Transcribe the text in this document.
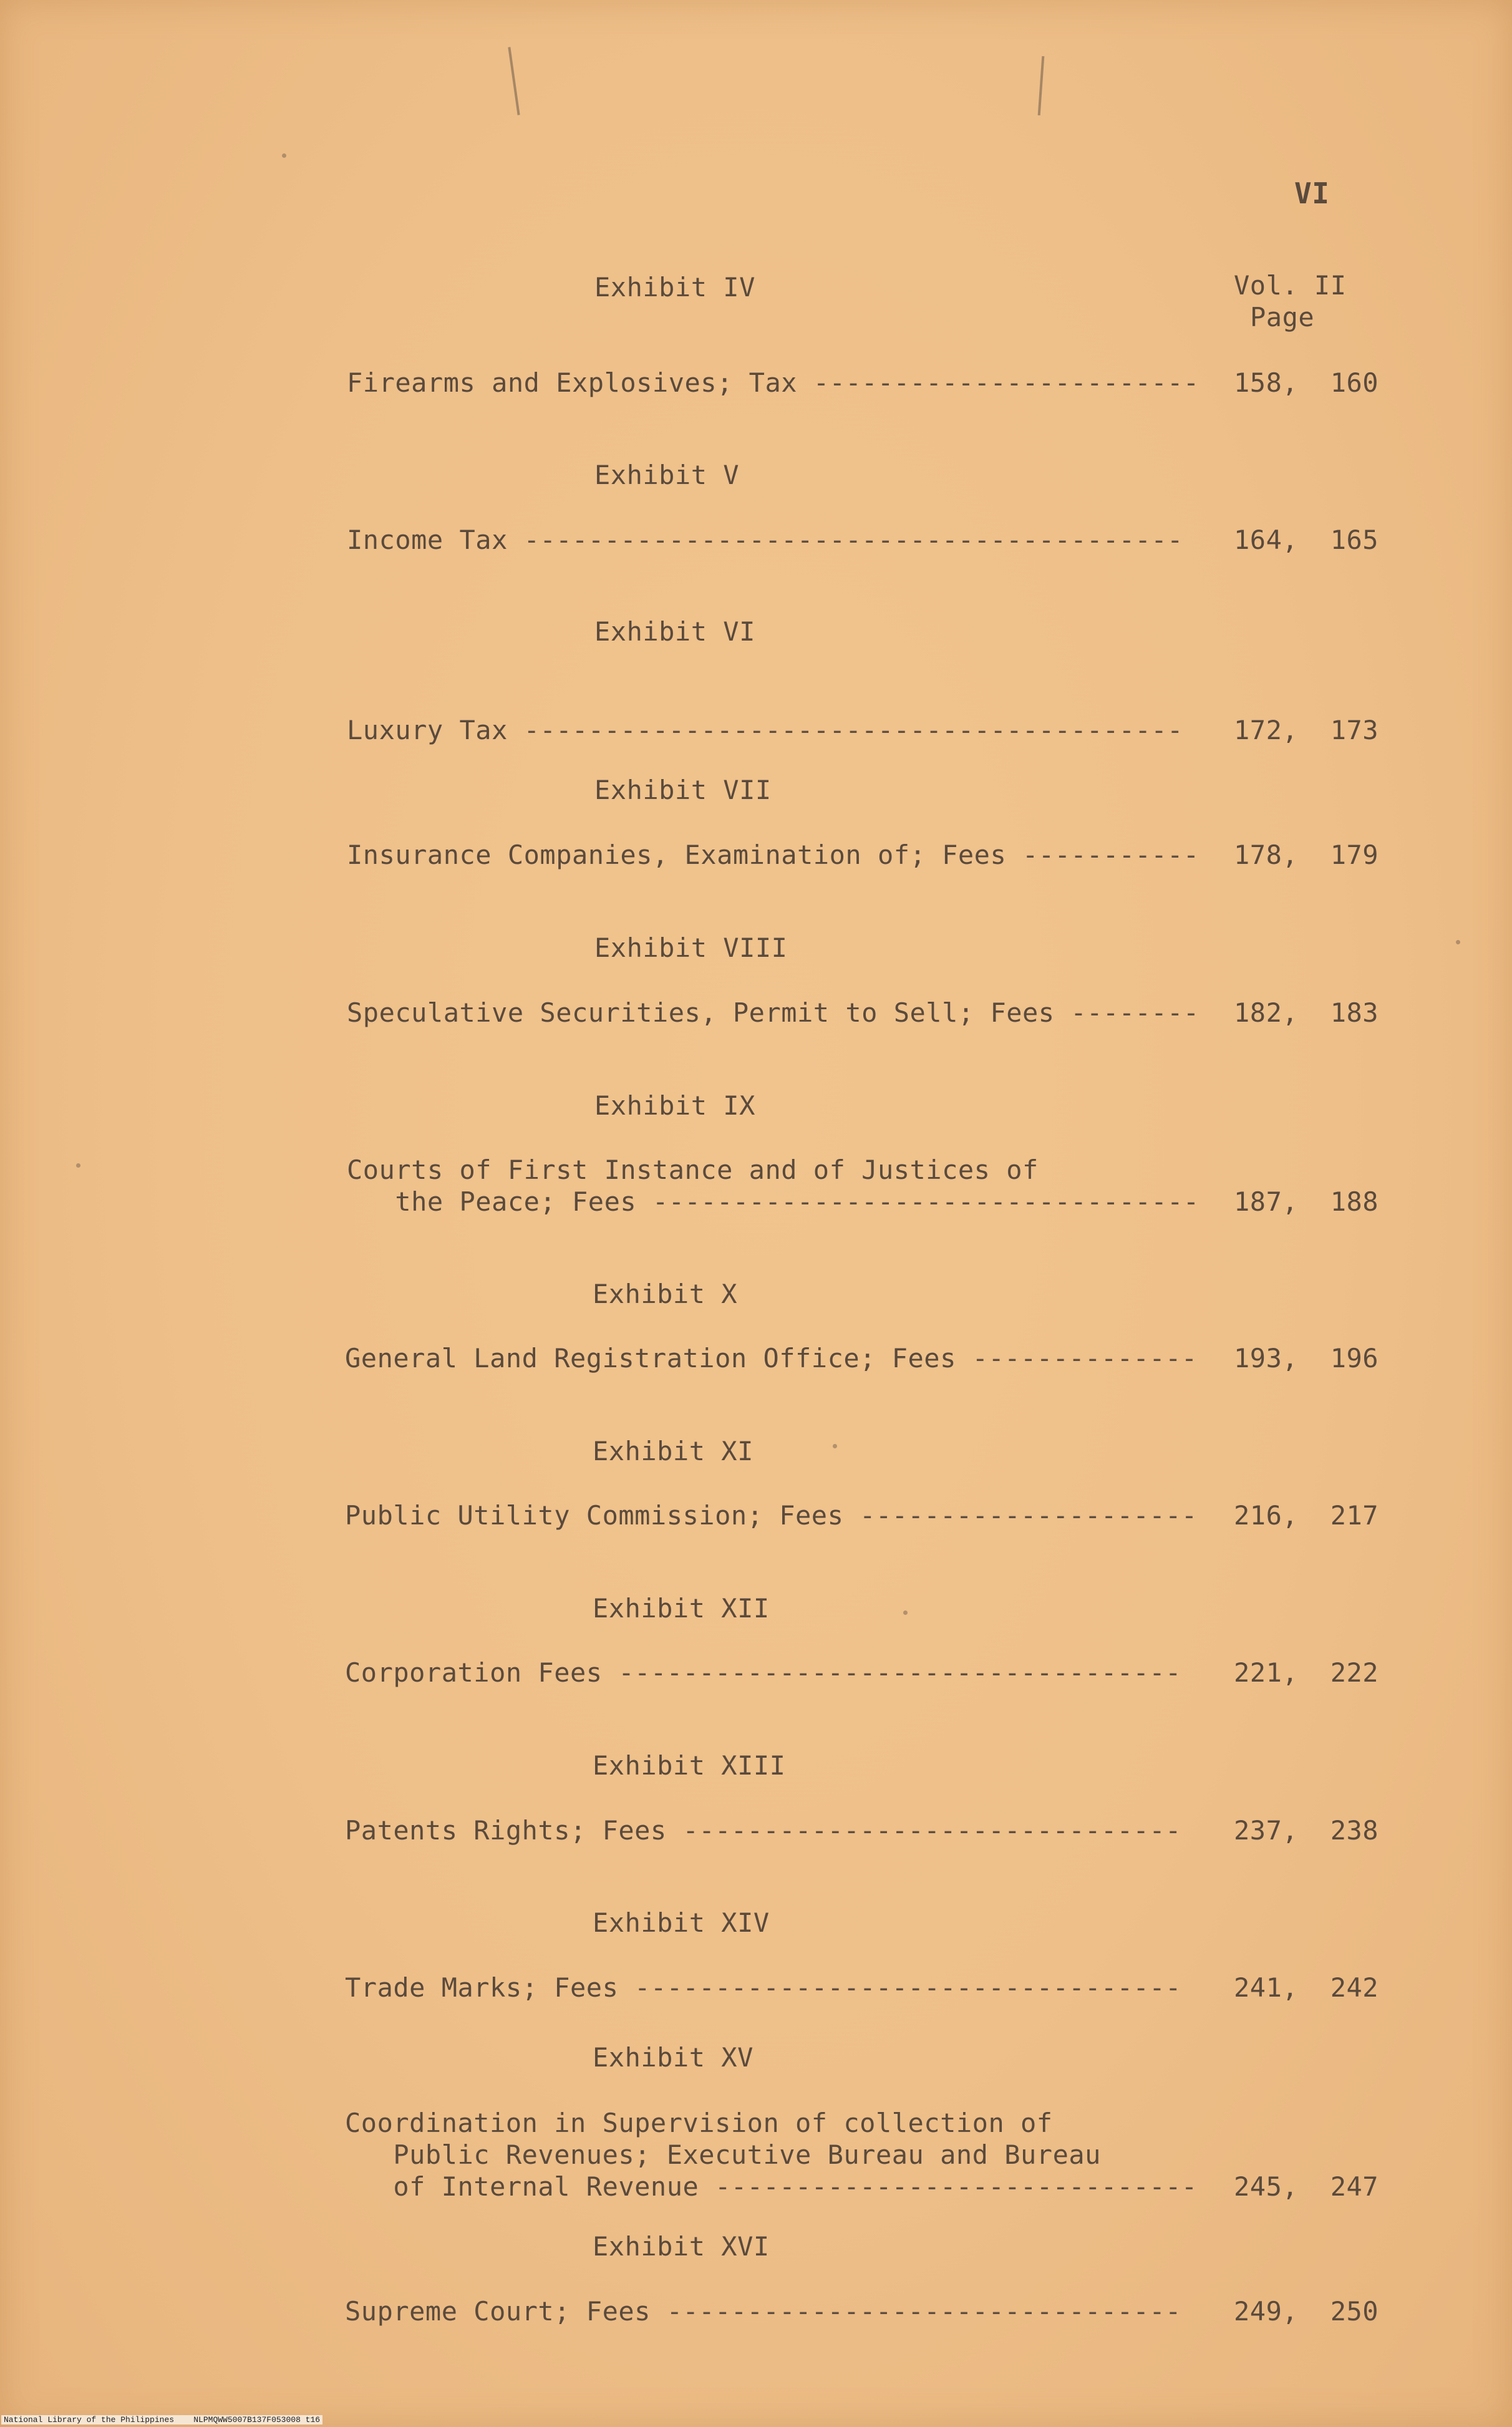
VI
Vol. II
Page
Exhibit IV
158,  160
Firearms and Explosives; Tax ------------------------
Exhibit V
164,  165
Income Tax -----------------------------------------
Exhibit VI
172,  173
Luxury Tax -----------------------------------------
Exhibit VII
178,  179
Insurance Companies, Examination of; Fees -----------
Exhibit VIII
182,  183
Speculative Securities, Permit to Sell; Fees --------
Exhibit IX
Courts of First Instance and of Justices of
187,  188
the Peace; Fees ----------------------------------
Exhibit X
193,  196
General Land Registration Office; Fees --------------
Exhibit XI
216,  217
Public Utility Commission; Fees ---------------------
Exhibit XII
221,  222
Corporation Fees -----------------------------------
Exhibit XIII
237,  238
Patents Rights; Fees -------------------------------
Exhibit XIV
241,  242
Trade Marks; Fees ----------------------------------
Exhibit XV
Coordination in Supervision of collection of
Public Revenues; Executive Bureau and Bureau
245,  247
of Internal Revenue ------------------------------
Exhibit XVI
249,  250
Supreme Court; Fees --------------------------------
National Library of the Philippines    NLPMQWW5007B137F053008 t16
